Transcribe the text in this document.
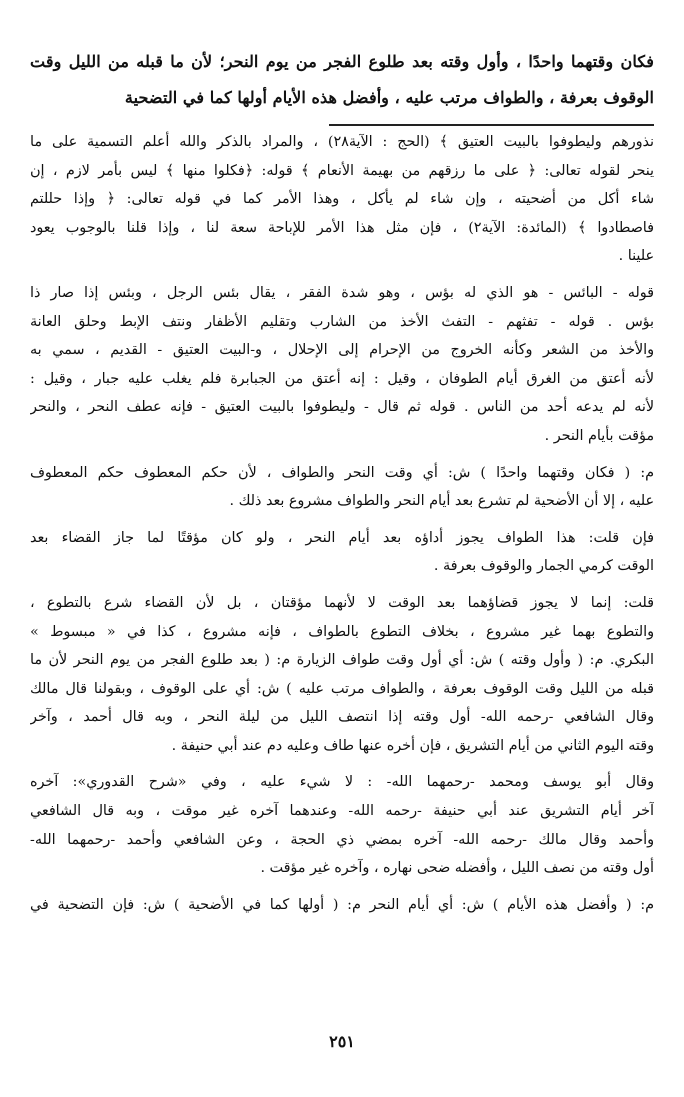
فكان وقتهما واحدًا ، وأول وقته بعد طلوع الفجر من يوم النحر؛ لأن ما قبله من الليل وقت

الوقوف بعرفة ، والطواف مرتب عليه ، وأفضل هذه الأيام أولها كما في التضحية

نذورهم وليطوفوا بالبيت العتيق ﴾ (الحج : الآية٢٨) ، والمراد بالذكر والله أعلم التسمية على ما

ينحر لقوله تعالى: ﴿ على ما رزقهم من بهيمة الأنعام ﴾ قوله: ﴿فكلوا منها ﴾ ليس بأمر لازم ، إن

شاء أكل من أضحيته ، وإن شاء لم يأكل ، وهذا الأمر كما في قوله تعالى: ﴿ وإذا حللتم

فاصطادوا ﴾ (المائدة: الآية٢) ، فإن مثل هذا الأمر للإباحة سعة لنا ، وإذا قلنا بالوجوب يعود

علينا .

قوله - البائس - هو الذي له بؤس ، وهو شدة الفقر ، يقال بئس الرجل ، وبئس إذا صار ذا

بؤس . قوله - تفثهم - التفث الأخذ من الشارب وتقليم الأظفار ونتف الإبط وحلق العانة

والأخذ من الشعر وكأنه الخروج من الإحرام إلى الإحلال ، و-البيت العتيق - القديم ، سمي به

لأنه أعتق من الغرق أيام الطوفان ، وقيل : إنه أعتق من الجبابرة فلم يغلب عليه جبار ، وقيل :

لأنه لم يدعه أحد من الناس . قوله ثم قال - وليطوفوا بالبيت العتيق - فإنه عطف النحر ، والنحر

مؤقت بأيام النحر .

م: ( فكان وقتهما واحدًا ) ش: أي وقت النحر والطواف ، لأن حكم المعطوف حكم المعطوف

عليه ، إلا أن الأضحية لم تشرع بعد أيام النحر والطواف مشروع بعد ذلك .

فإن قلت: هذا الطواف يجوز أداؤه بعد أيام النحر ، ولو كان مؤقتًا لما جاز القضاء بعد

الوقت كرمي الجمار والوقوف بعرفة .

قلت: إنما لا يجوز قضاؤهما بعد الوقت لا لأنهما مؤقتان ، بل لأن القضاء شرع بالتطوع ،

والتطوع بهما غير مشروع ، بخلاف التطوع بالطواف ، فإنه مشروع ، كذا في « مبسوط »

البكري. م: ( وأول وقته ) ش: أي أول وقت طواف الزيارة م: ( بعد طلوع الفجر من يوم النحر لأن ما

قبله من الليل وقت الوقوف بعرفة ، والطواف مرتب عليه ) ش: أي على الوقوف ، وبقولنا قال مالك

وقال الشافعي -رحمه الله- أول وقته إذا انتصف الليل من ليلة النحر ، وبه قال أحمد ، وآخر

وقته اليوم الثاني من أيام التشريق ، فإن أخره عنها طاف وعليه دم عند أبي حنيفة .

وقال أبو يوسف ومحمد -رحمهما الله- : لا شيء عليه ، وفي «شرح القدوري»: آخره

آخر أيام التشريق عند أبي حنيفة -رحمه الله- وعندهما آخره غير موقت ، وبه قال الشافعي

وأحمد وقال مالك -رحمه الله- آخره بمضي ذي الحجة ، وعن الشافعي وأحمد -رحمهما الله-

أول وقته من نصف الليل ، وأفضله ضحى نهاره ، وآخره غير مؤقت .

م: ( وأفضل هذه الأيام ) ش: أي أيام النحر م: ( أولها كما في الأضحية ) ش: فإن التضحية في

٢٥١
